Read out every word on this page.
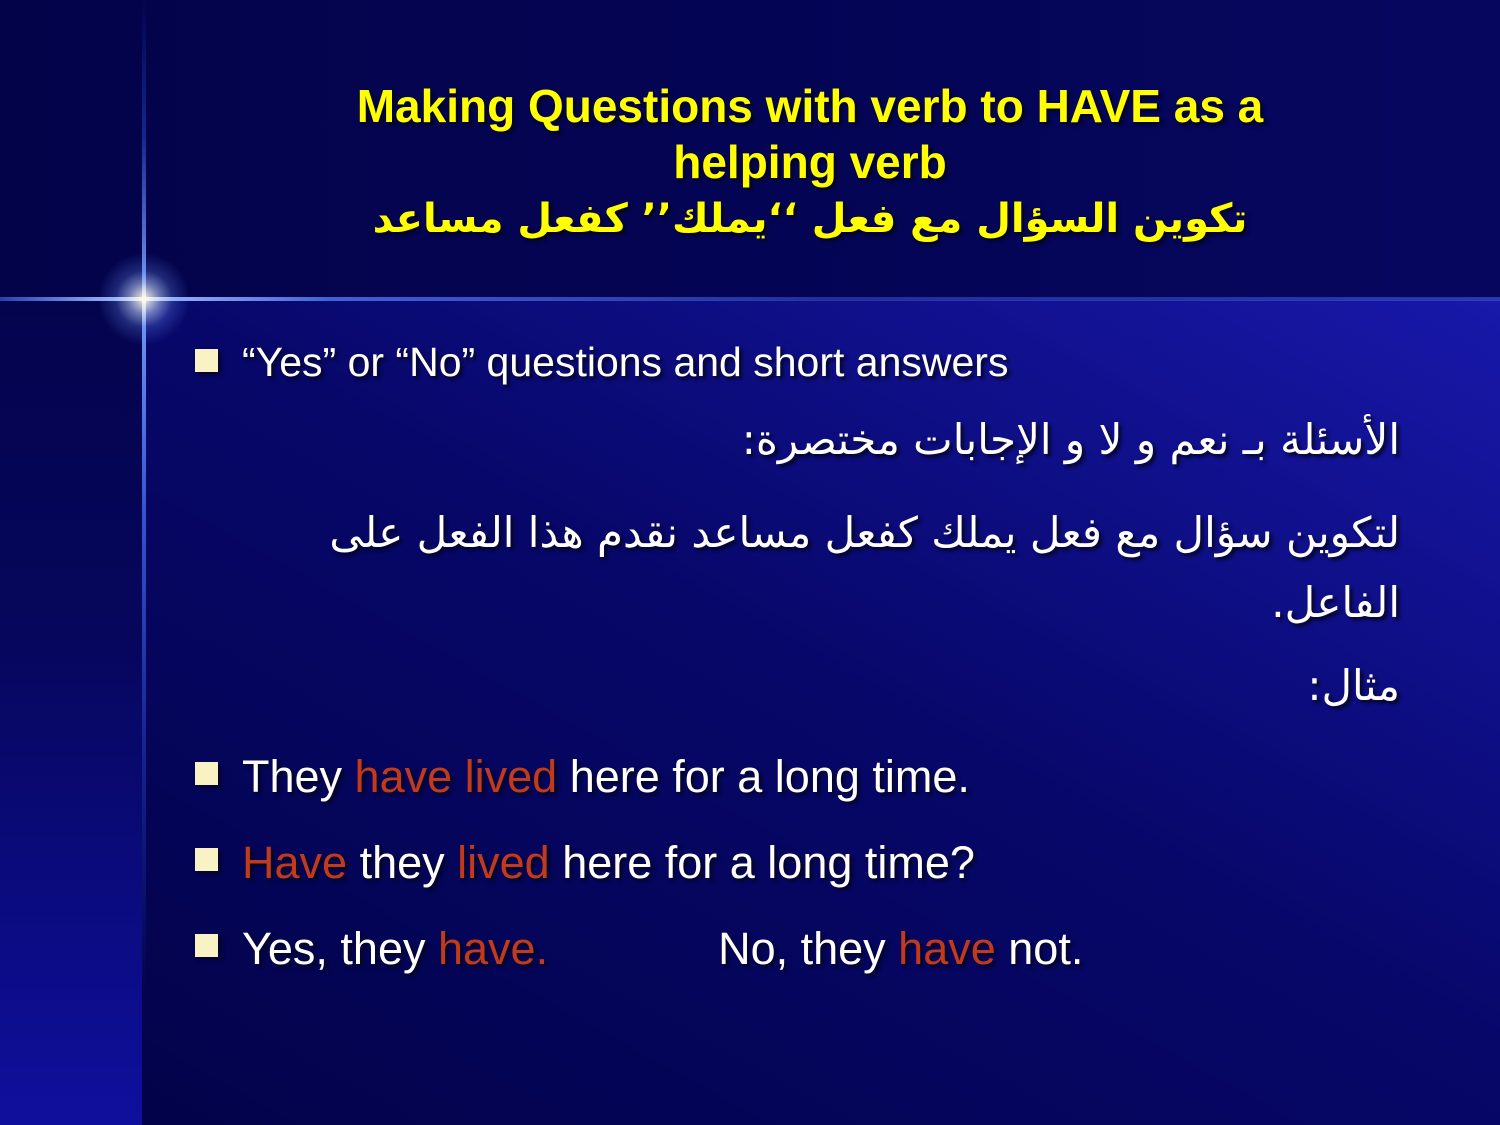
Making Questions with verb to HAVE as a
helping verb
تكوين السؤال مع فعل ‘‘يملك’’ كفعل مساعد
“Yes” or “No” questions and short answers
الأسئلة بـ نعم و لا و الإجابات مختصرة:
لتكوين سؤال مع فعل يملك كفعل مساعد نقدم هذا الفعل على
الفاعل.
مثال:
They have lived here for a long time.
Have they lived here for a long time?
Yes, they have.	No, they have not.
